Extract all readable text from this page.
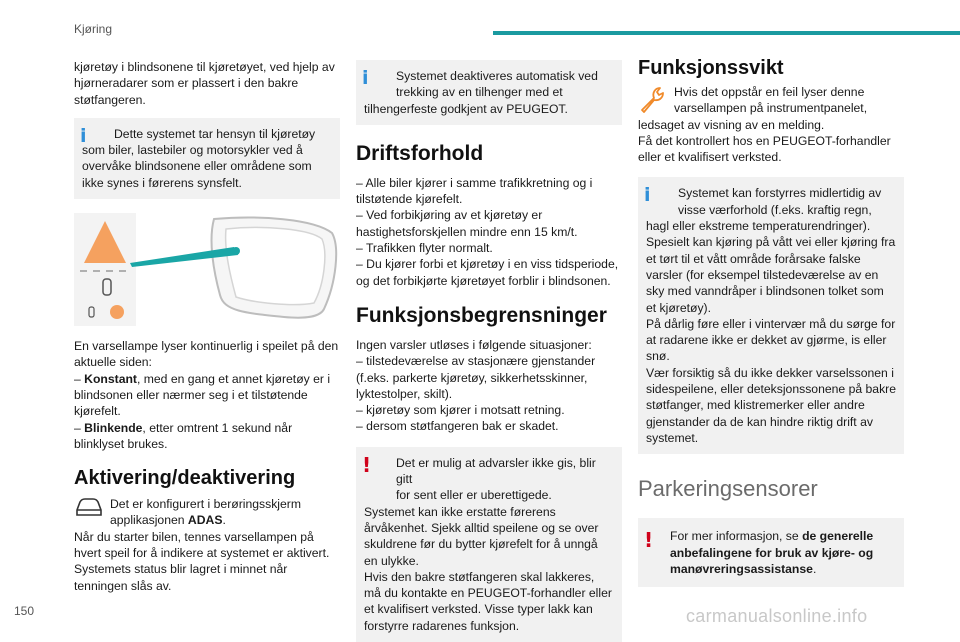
Kjøring

kjøretøy i blindsonene til kjøretøyet, ved hjelp av hjørneradarer som er plassert i den bakre støtfangeren.

i	Dette systemet tar hensyn til kjøretøy
som biler, lastebiler og motorsykler ved å overvåke blindsonene eller områdene som ikke synes i førerens synsfelt.

En varsellampe lyser kontinuerlig i speilet på den aktuelle siden:

– Konstant, med en gang et annet kjøretøy er i blindsonen eller nærmer seg i et tilstøtende kjørefelt.

– Blinkende, etter omtrent 1 sekund når blinklyset brukes.

Aktivering/deaktivering
Det er konfigurert i berøringsskjerm
applikasjonen ADAS.

Når du starter bilen, tennes varsellampen på hvert speil for å indikere at systemet er aktivert.

Systemets status blir lagret i minnet når tenningen slås av.

i	Systemet deaktiveres automatisk ved
trekking av en tilhenger med et tilhengerfeste godkjent av PEUGEOT.
Driftsforhold

– Alle biler kjører i samme trafikkretning og i tilstøtende kjørefelt.

– Ved forbikjøring av et kjøretøy er hastighetsforskjellen mindre enn 15 km/t.

– Trafikken flyter normalt.

– Du kjører forbi et kjøretøy i en viss tidsperiode, og det forbikjørte kjøretøyet forblir i blindsonen.

Funksjonsbegrensninger

Ingen varsler utløses i følgende situasjoner:

– tilstedeværelse av stasjonære gjenstander (f.eks. parkerte kjøretøy, sikkerhetsskinner, lyktestolper, skilt).

– kjøretøy som kjører i motsatt retning.

– dersom støtfangeren bak er skadet.

!	Det er mulig at advarsler ikke gis, blir gitt
for sent eller er uberettigede.

Systemet kan ikke erstatte førerens årvåkenhet. Sjekk alltid speilene og se over skuldrene før du bytter kjørefelt for å unngå en ulykke.

Hvis den bakre støtfangeren skal lakkeres, må du kontakte en PEUGEOT-forhandler eller et kvalifisert verksted. Visse typer lakk kan forstyrre radarenes funksjon.

Funksjonssvikt
Hvis det oppstår en feil lyser denne
varsellampen på instrumentpanelet,

ledsaget av visning av en melding.

Få det kontrollert hos en PEUGEOT-forhandler eller et kvalifisert verksted.

i	Systemet kan forstyrres midlertidig av
visse værforhold (f.eks. kraftig regn, hagl eller ekstreme temperaturendringer).

Spesielt kan kjøring på vått vei eller kjøring fra et tørt til et vått område forårsake falske varsler (for eksempel tilstedeværelse av en sky med vanndråper i blindsonen tolket som et kjøretøy).

På dårlig føre eller i vintervær må du sørge for at radarene ikke er dekket av gjørme, is eller snø.

Vær forsiktig så du ikke dekker varselssonen i sidespeilene, eller deteksjonssonene på bakre støtfanger, med klistremerker eller andre gjenstander da de kan hindre riktig drift av systemet.

Parkeringsensorer
!	For mer informasjon, se de generelle anbefalingene for bruk av kjøre- og manøvreringsassistanse.

150	carmanualsonline.info
